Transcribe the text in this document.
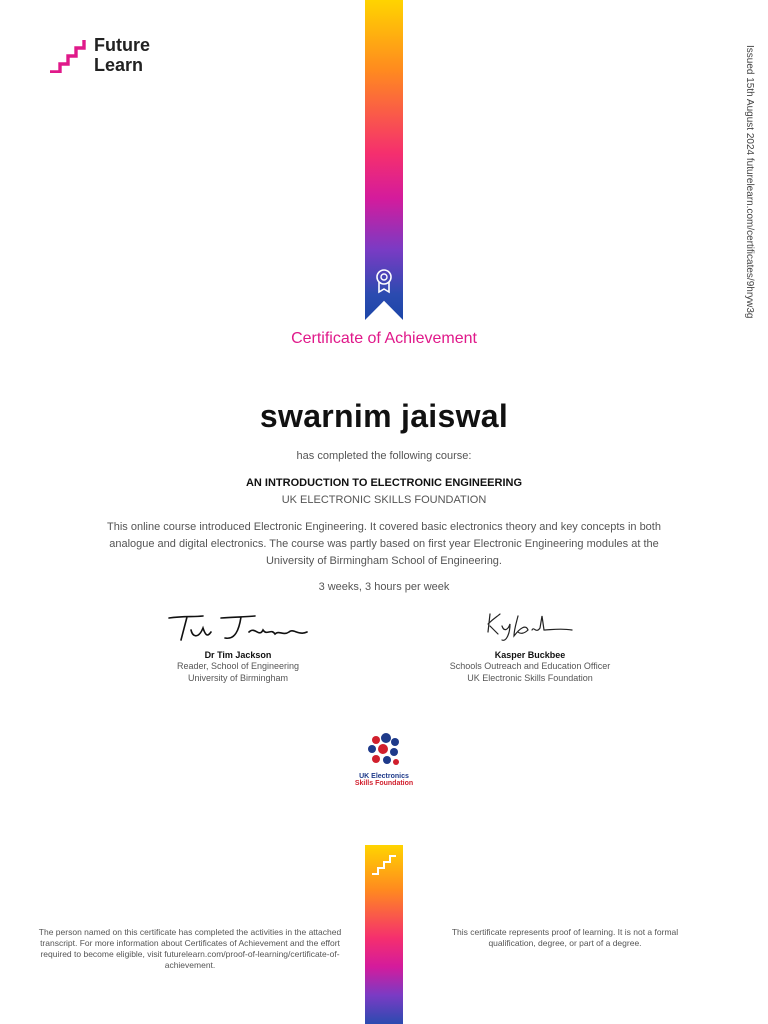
Future
Learn	Issued 15th August 2024 futurelearn.com/certificates/9hryw3g
Certificate of Achievement
swarnim jaiswal
has completed the following course:
AN INTRODUCTION TO ELECTRONIC ENGINEERING
UK ELECTRONIC SKILLS FOUNDATION
This online course introduced Electronic Engineering. It covered basic electronics theory and key concepts in both analogue and digital electronics. The course was partly based on first year Electronic Engineering modules at the University of Birmingham School of Engineering.
3 weeks, 3 hours per week
Dr Tim Jackson
Reader, School of Engineering
University of Birmingham
Kasper Buckbee
Schools Outreach and Education Officer
UK Electronic Skills Foundation
UK Electronics
Skills Foundation
The person named on this certificate has completed the activities in the attached transcript. For more information about Certificates of Achievement and the effort required to become eligible, visit futurelearn.com/proof-of-learning/certificate-of-achievement.
This certificate represents proof of learning. It is not a formal qualification, degree, or part of a degree.
